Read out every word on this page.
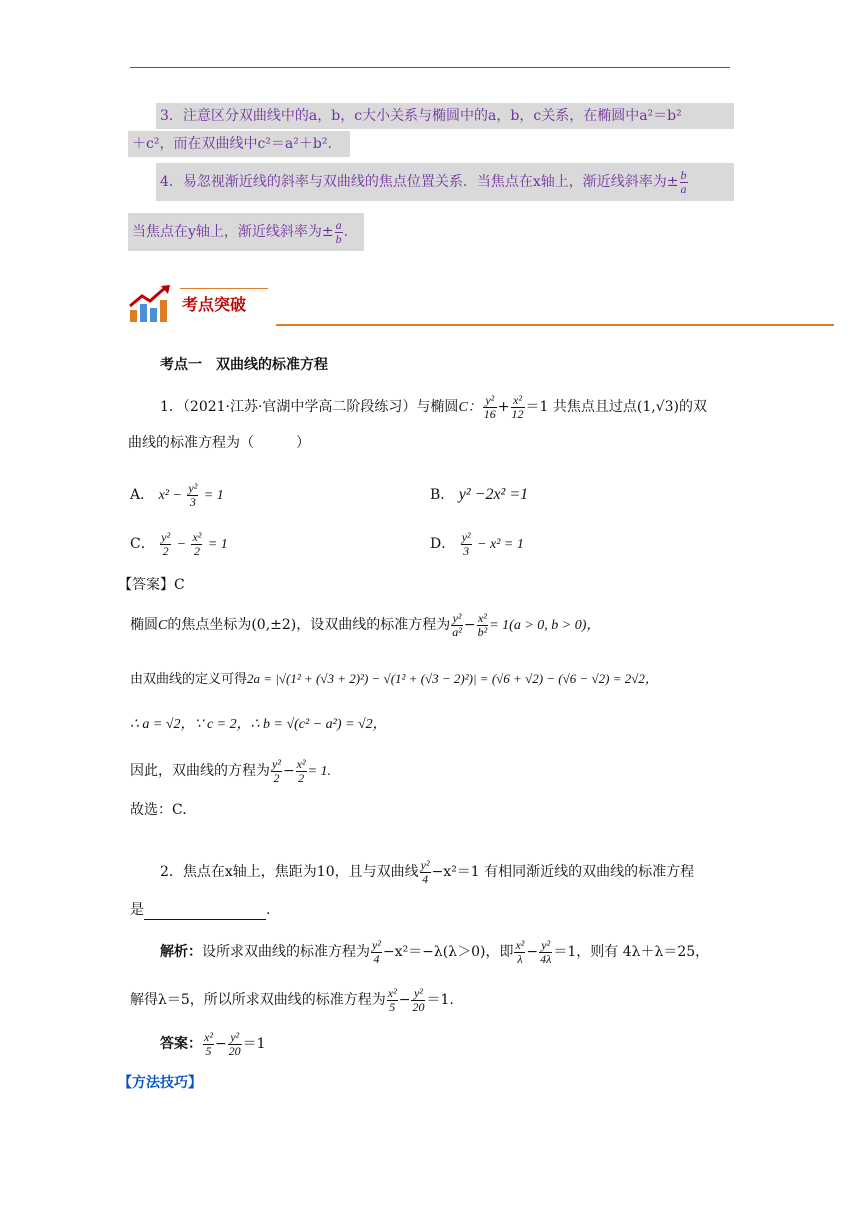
3．注意区分双曲线中的a，b，c大小关系与椭圆中的a，b，c关系，在椭圆中a²＝b²
＋c²，而在双曲线中c²＝a²＋b².
4．易忽视渐近线的斜率与双曲线的焦点位置关系．当焦点在x轴上，渐近线斜率为± $\frac{b}{a}$
当焦点在y轴上，渐近线斜率为± $\frac{a}{b}$ .
考点突破
考点一　双曲线的标准方程
1．（2021·江苏·官湖中学高二阶段练习）与椭圆C： $\frac{\text{y²}}{16} + \frac{\text{x²}}{12} =1$ 共焦点且过点(1,√3)的双
曲线的标准方程为（　　　）
A． $x^2 - \frac{\text{y²}}{3} = 1$	B． y² −2x² =1
C． $\frac{\text{y²}}{2} - \frac{\text{x²}}{2} = 1$	D． $\frac{\text{y²}}{3} - x^2 = 1$
【答案】C
椭圆C的焦点坐标为(0,±2)，设双曲线的标准方程为 $\frac{\text{y²}}{\text{a²}} - \frac{\text{x²}}{\text{b²}} = 1(a > 0$, b > 0)，
由双曲线的定义可得2a = |√(1² + (√3 + 2)²) − √(1² + (√3 − 2)²)| = (√6 + √2) − (√6 − √2) = 2√2，
∴ a = √2，∵ c = 2，∴ b = √(c² − a²) = √2，
因此，双曲线的方程为 $\frac{\text{y²}}{2} - \frac{\text{x²}}{2} = 1$.
故选：C.
2．焦点在x轴上，焦距为10，且与双曲线 $\frac{\text{y²}}{4} -x^2=1$ 有相同渐近线的双曲线的标准方程
是	.
解析：设所求双曲线的标准方程为 $\frac{\text{y²}}{4} -x^2=-\lambda(\lambda>0)$，即 $\frac{\text{x²}}{\lambda} - \frac{\text{y²}}{4\lambda} =1$，则有 4λ＋λ＝25，
解得λ＝5，所以所求双曲线的标准方程为 $\frac{\text{x²}}{5} - \frac{\text{y²}}{20} =1$.
答案： $\frac{\text{x²}}{5} - \frac{\text{y²}}{20} =1$
【方法技巧】
